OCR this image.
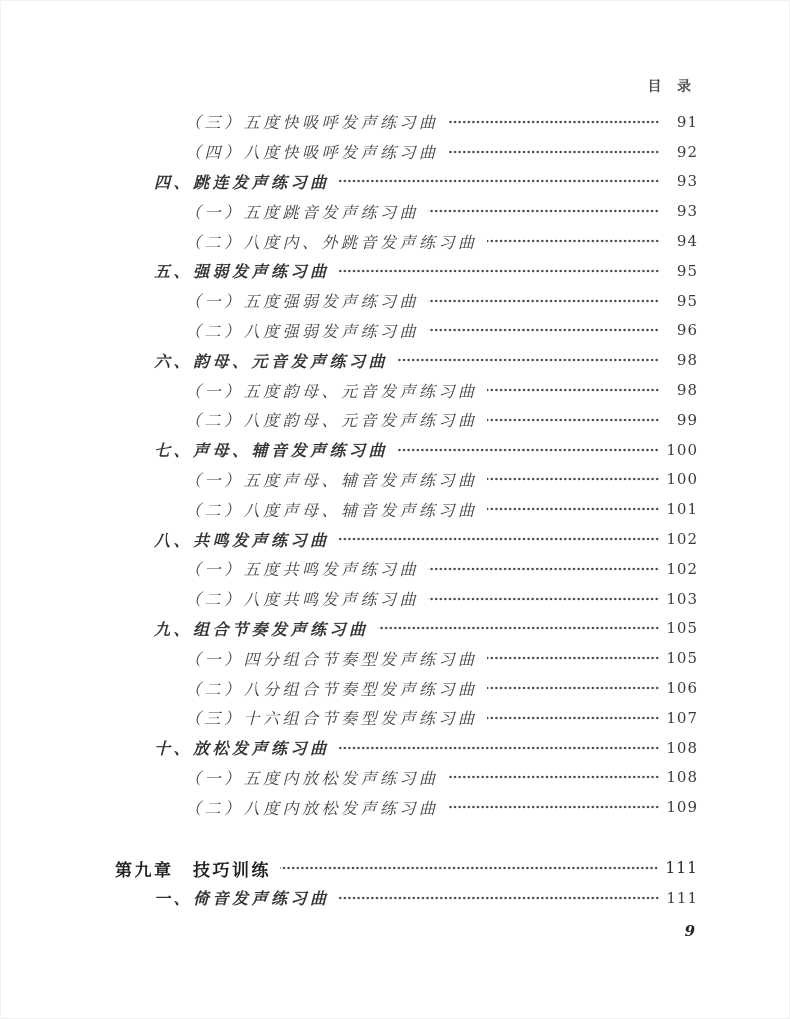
目 录
（三）五度快吸呼发声练习曲	91
（四）八度快吸呼发声练习曲	92
四、跳连发声练习曲	93
（一）五度跳音发声练习曲	93
（二）八度内、外跳音发声练习曲	94
五、强弱发声练习曲	95
（一）五度强弱发声练习曲	95
（二）八度强弱发声练习曲	96
六、韵母、元音发声练习曲	98
（一）五度韵母、元音发声练习曲	98
（二）八度韵母、元音发声练习曲	99
七、声母、辅音发声练习曲	100
（一）五度声母、辅音发声练习曲	100
（二）八度声母、辅音发声练习曲	101
八、共鸣发声练习曲	102
（一）五度共鸣发声练习曲	102
（二）八度共鸣发声练习曲	103
九、组合节奏发声练习曲	105
（一）四分组合节奏型发声练习曲	105
（二）八分组合节奏型发声练习曲	106
（三）十六组合节奏型发声练习曲	107
十、放松发声练习曲	108
（一）五度内放松发声练习曲	108
（二）八度内放松发声练习曲	109
第九章　技巧训练	111
一、倚音发声练习曲	111
9
